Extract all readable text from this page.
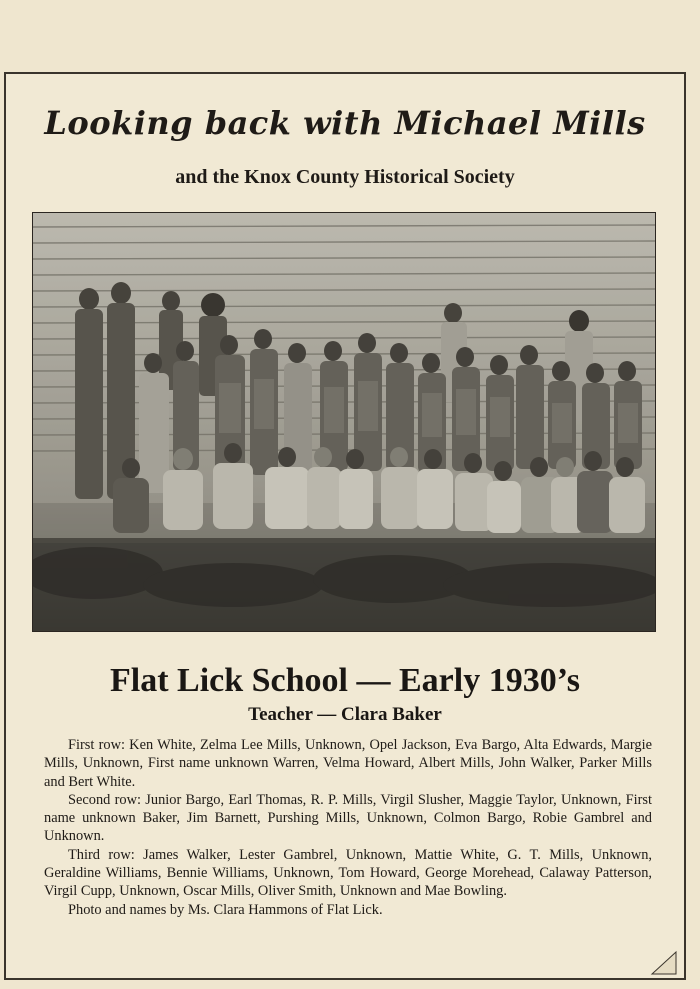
Looking back with Michael Mills
and the Knox County Historical Society
Flat Lick School — Early 1930’s
Teacher — Clara Baker

First row: Ken White, Zelma Lee Mills, Unknown, Opel Jackson, Eva Bargo, Alta Edwards, Margie Mills, Unknown, First name unknown Warren, Velma Howard, Albert Mills, John Walker, Parker Mills and Bert White.

Second row: Junior Bargo, Earl Thomas, R. P. Mills, Virgil Slusher, Maggie Taylor, Unknown, First name unknown Baker, Jim Barnett, Purshing Mills, Unknown, Colmon Bargo, Robie Gambrel and Unknown.

Third row: James Walker, Lester Gambrel, Unknown, Mattie White, G. T. Mills, Unknown, Geraldine Williams, Bennie Williams, Unknown, Tom Howard, George Morehead, Calaway Patterson, Virgil Cupp, Unknown, Oscar Mills, Oliver Smith, Unknown and Mae Bowling.

Photo and names by Ms. Clara Hammons of Flat Lick.
